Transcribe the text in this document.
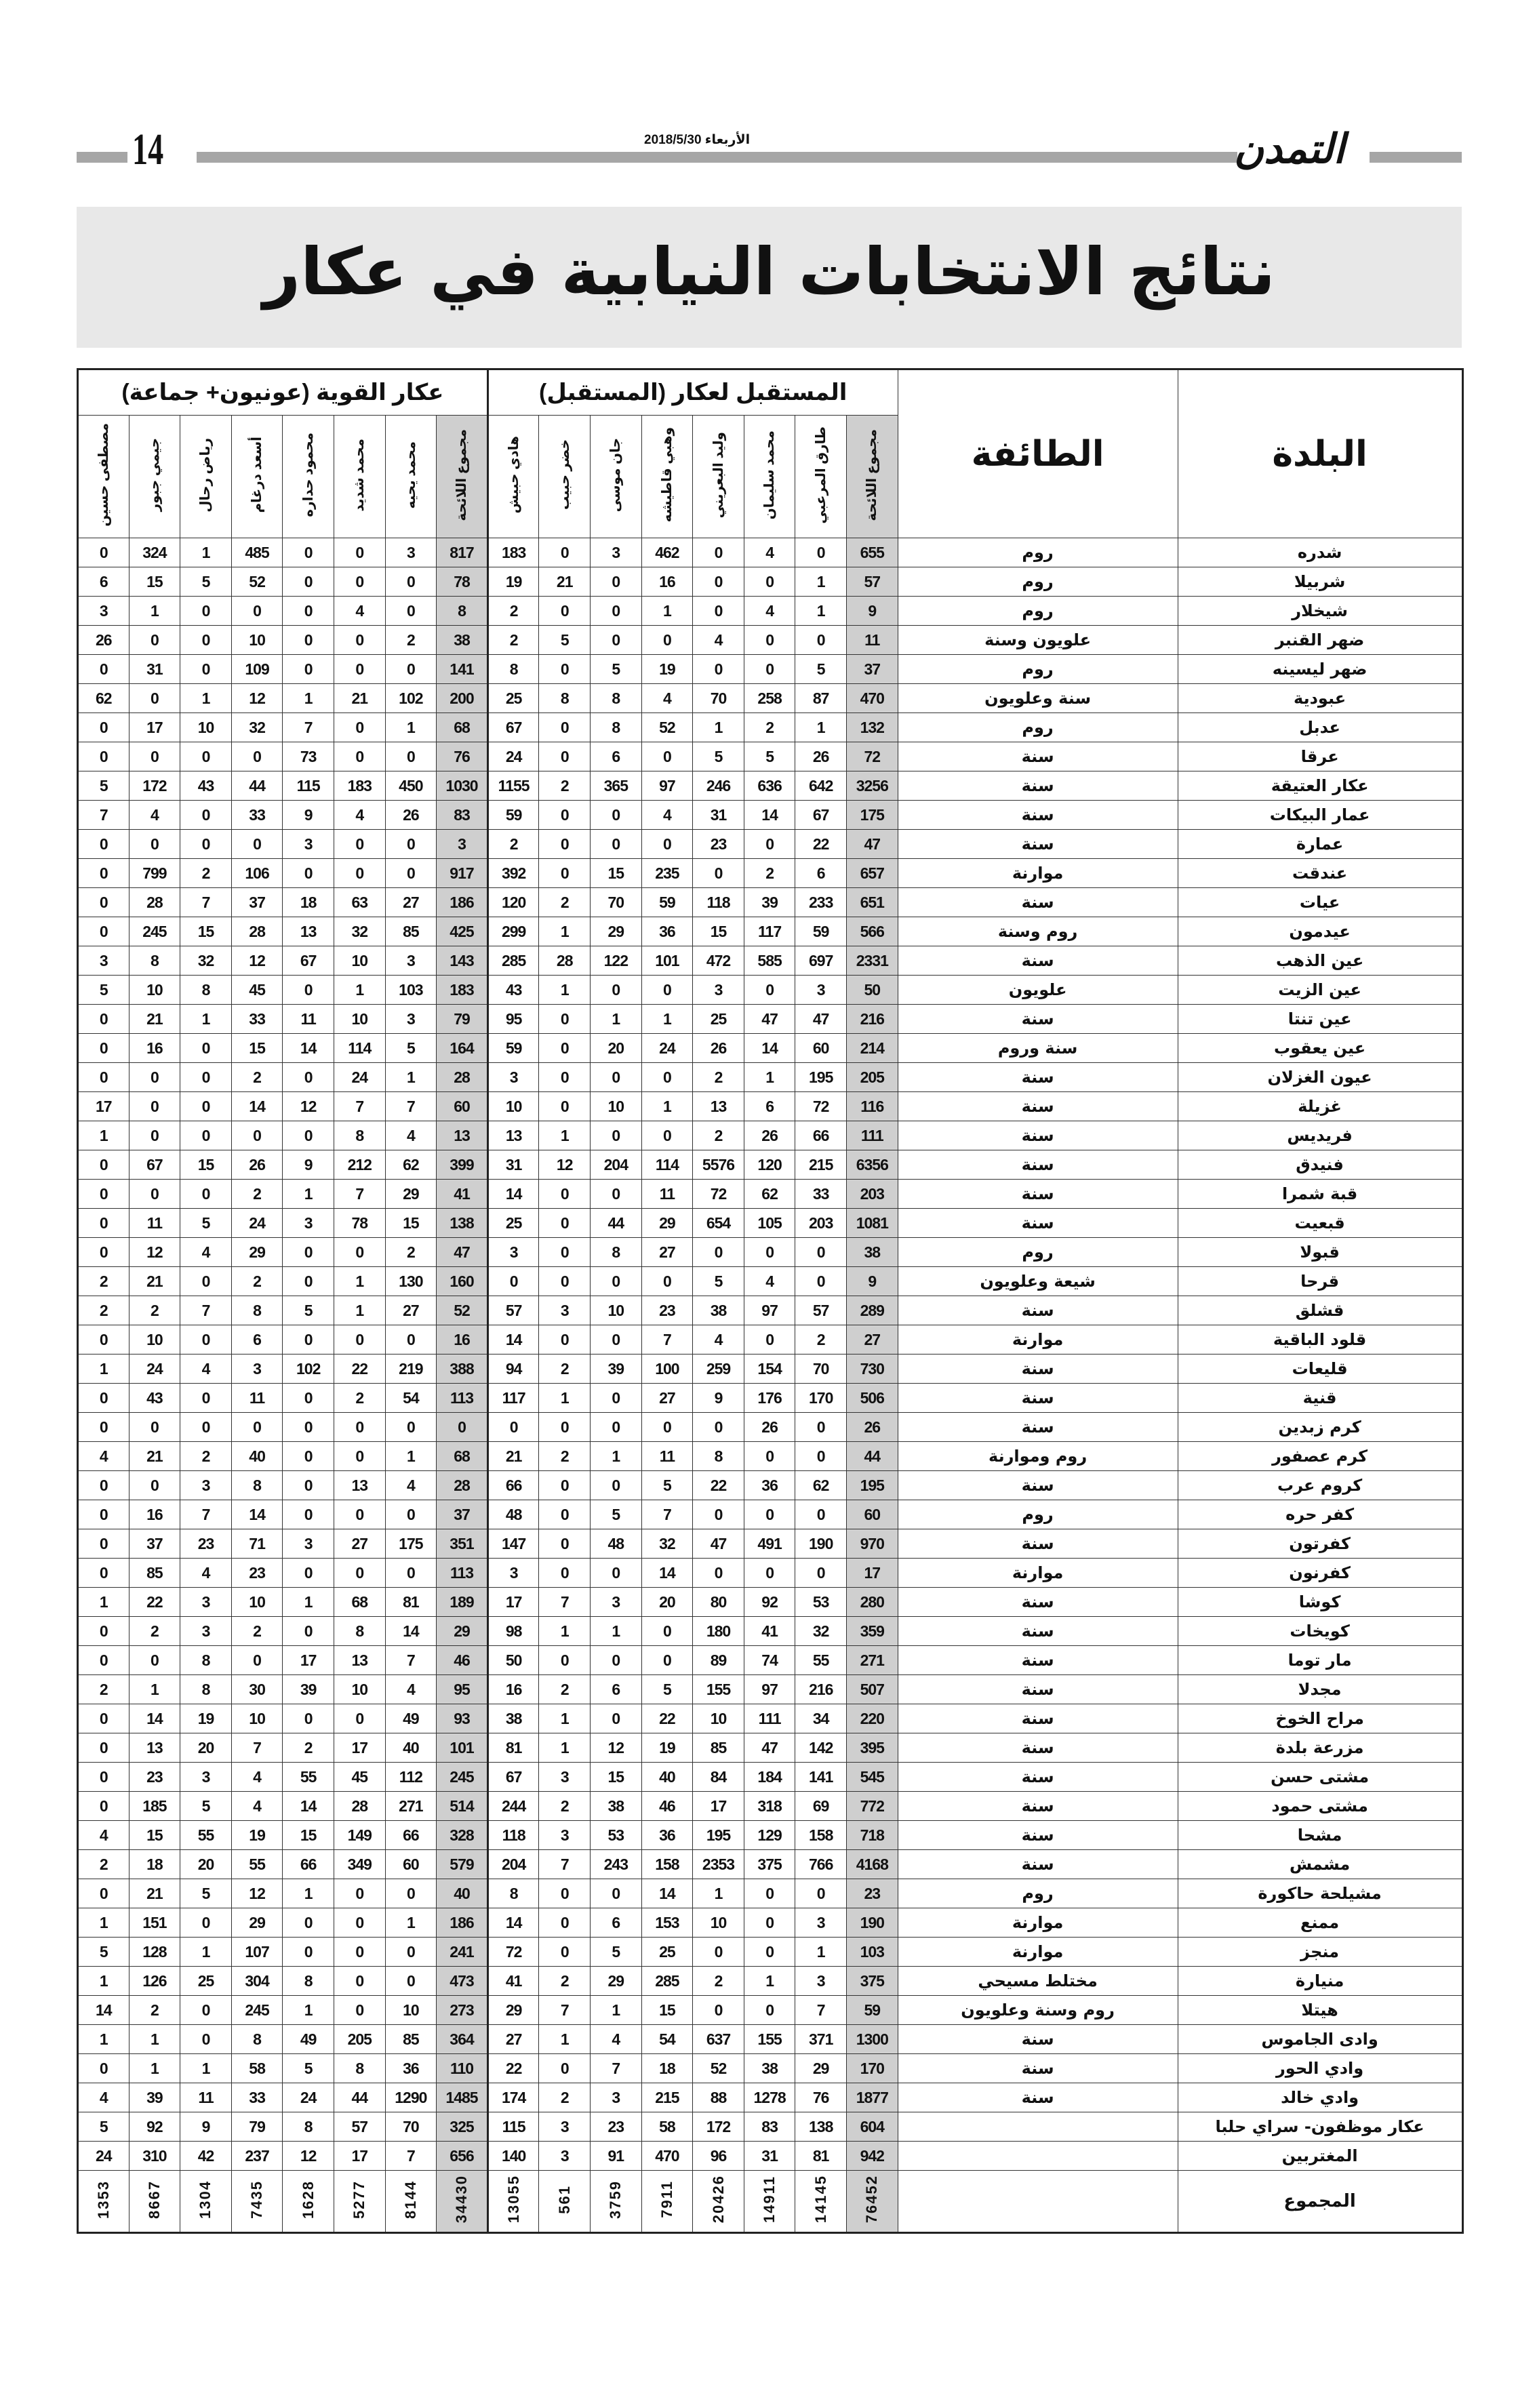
14	الأربعاء 2018/5/30	التمدن
نتائج الانتخابات النيابية في عكار
عكار القوية (عونيون+ جماعة)								المستقبل لعكار (المستقبل)								الطائفة	البلدة
مصطفى حسين	جيمي جبور	رياض رحال	أسعد درغام	محمود حداره	محمد شديد	محمد يحيه	مجموع اللائحة	هادي حبيش	خضر حبيب	جان موسى	وهبي قاطيشه	وليد البعريني	محمد سليمان	طارق المرعبي	مجموع اللائحة		
0	324	1	485	0	0	3	817	183	0	3	462	0	4	0	655	روم	شدره
6	15	5	52	0	0	0	78	19	21	0	16	0	0	1	57	روم	شربيلا
3	1	0	0	0	4	0	8	2	0	0	1	0	4	1	9	روم	شيخلار
26	0	0	10	0	0	2	38	2	5	0	0	4	0	0	11	علويون وسنة	ضهر القنبر
0	31	0	109	0	0	0	141	8	0	5	19	0	0	5	37	روم	ضهر ليسينه
62	0	1	12	1	21	102	200	25	8	8	4	70	258	87	470	سنة وعلويون	عبودية
0	17	10	32	7	0	1	68	67	0	8	52	1	2	1	132	روم	عدبل
0	0	0	0	73	0	0	76	24	0	6	0	5	5	26	72	سنة	عرقا
5	172	43	44	115	183	450	1030	1155	2	365	97	246	636	642	3256	سنة	عكار العتيقة
7	4	0	33	9	4	26	83	59	0	0	4	31	14	67	175	سنة	عمار البيكات
0	0	0	0	3	0	0	3	2	0	0	0	23	0	22	47	سنة	عمارة
0	799	2	106	0	0	0	917	392	0	15	235	0	2	6	657	موارنة	عندقت
0	28	7	37	18	63	27	186	120	2	70	59	118	39	233	651	سنة	عيات
0	245	15	28	13	32	85	425	299	1	29	36	15	117	59	566	روم وسنة	عيدمون
3	8	32	12	67	10	3	143	285	28	122	101	472	585	697	2331	سنة	عين الذهب
5	10	8	45	0	1	103	183	43	1	0	0	3	0	3	50	علويون	عين الزيت
0	21	1	33	11	10	3	79	95	0	1	1	25	47	47	216	سنة	عين تنتا
0	16	0	15	14	114	5	164	59	0	20	24	26	14	60	214	سنة وروم	عين يعقوب
0	0	0	2	0	24	1	28	3	0	0	0	2	1	195	205	سنة	عيون الغزلان
17	0	0	14	12	7	7	60	10	0	10	1	13	6	72	116	سنة	غزيلة
1	0	0	0	0	8	4	13	13	1	0	0	2	26	66	111	سنة	فريديس
0	67	15	26	9	212	62	399	31	12	204	114	5576	120	215	6356	سنة	فنيدق
0	0	0	2	1	7	29	41	14	0	0	11	72	62	33	203	سنة	قبة شمرا
0	11	5	24	3	78	15	138	25	0	44	29	654	105	203	1081	سنة	قبعيت
0	12	4	29	0	0	2	47	3	0	8	27	0	0	0	38	روم	قبولا
2	21	0	2	0	1	130	160	0	0	0	0	5	4	0	9	شيعة وعلويون	قرحا
2	2	7	8	5	1	27	52	57	3	10	23	38	97	57	289	سنة	قشلق
0	10	0	6	0	0	0	16	14	0	0	7	4	0	2	27	موارنة	قلود الباقية
1	24	4	3	102	22	219	388	94	2	39	100	259	154	70	730	سنة	قليعات
0	43	0	11	0	2	54	113	117	1	0	27	9	176	170	506	سنة	قنية
0	0	0	0	0	0	0	0	0	0	0	0	0	26	0	26	سنة	كرم زبدين
4	21	2	40	0	0	1	68	21	2	1	11	8	0	0	44	روم وموارنة	كرم عصفور
0	0	3	8	0	13	4	28	66	0	0	5	22	36	62	195	سنة	كروم عرب
0	16	7	14	0	0	0	37	48	0	5	7	0	0	0	60	روم	كفر حره
0	37	23	71	3	27	175	351	147	0	48	32	47	491	190	970	سنة	كفرتون
0	85	4	23	0	0	0	113	3	0	0	14	0	0	0	17	موارنة	كفرنون
1	22	3	10	1	68	81	189	17	7	3	20	80	92	53	280	سنة	كوشا
0	2	3	2	0	8	14	29	98	1	1	0	180	41	32	359	سنة	كويخات
0	0	8	0	17	13	7	46	50	0	0	0	89	74	55	271	سنة	مار توما
2	1	8	30	39	10	4	95	16	2	6	5	155	97	216	507	سنة	مجدلا
0	14	19	10	0	0	49	93	38	1	0	22	10	111	34	220	سنة	مراح الخوخ
0	13	20	7	2	17	40	101	81	1	12	19	85	47	142	395	سنة	مزرعة بلدة
0	23	3	4	55	45	112	245	67	3	15	40	84	184	141	545	سنة	مشتى حسن
0	185	5	4	14	28	271	514	244	2	38	46	17	318	69	772	سنة	مشتى حمود
4	15	55	19	15	149	66	328	118	3	53	36	195	129	158	718	سنة	مشحا
2	18	20	55	66	349	60	579	204	7	243	158	2353	375	766	4168	سنة	مشمش
0	21	5	12	1	0	0	40	8	0	0	14	1	0	0	23	روم	مشيلحة حاكورة
1	151	0	29	0	0	1	186	14	0	6	153	10	0	3	190	موارنة	ممنع
5	128	1	107	0	0	0	241	72	0	5	25	0	0	1	103	موارنة	منجز
1	126	25	304	8	0	0	473	41	2	29	285	2	1	3	375	مختلط مسيحي	منيارة
14	2	0	245	1	0	10	273	29	7	1	15	0	0	7	59	روم وسنة وعلويون	هيتلا
1	1	0	8	49	205	85	364	27	1	4	54	637	155	371	1300	سنة	وادى الجاموس
0	1	1	58	5	8	36	110	22	0	7	18	52	38	29	170	سنة	وادي الحور
4	39	11	33	24	44	1290	1485	174	2	3	215	88	1278	76	1877	سنة	وادي خالد
5	92	9	79	8	57	70	325	115	3	23	58	172	83	138	604		عكار موظفون- سراي حلبا
24	310	42	237	12	17	7	656	140	3	91	470	96	31	81	942		المغتربين
1353	8667	1304	7435	1628	5277	8144	34430	13055	561	3759	7911	20426	14911	14145	76452		المجموع
